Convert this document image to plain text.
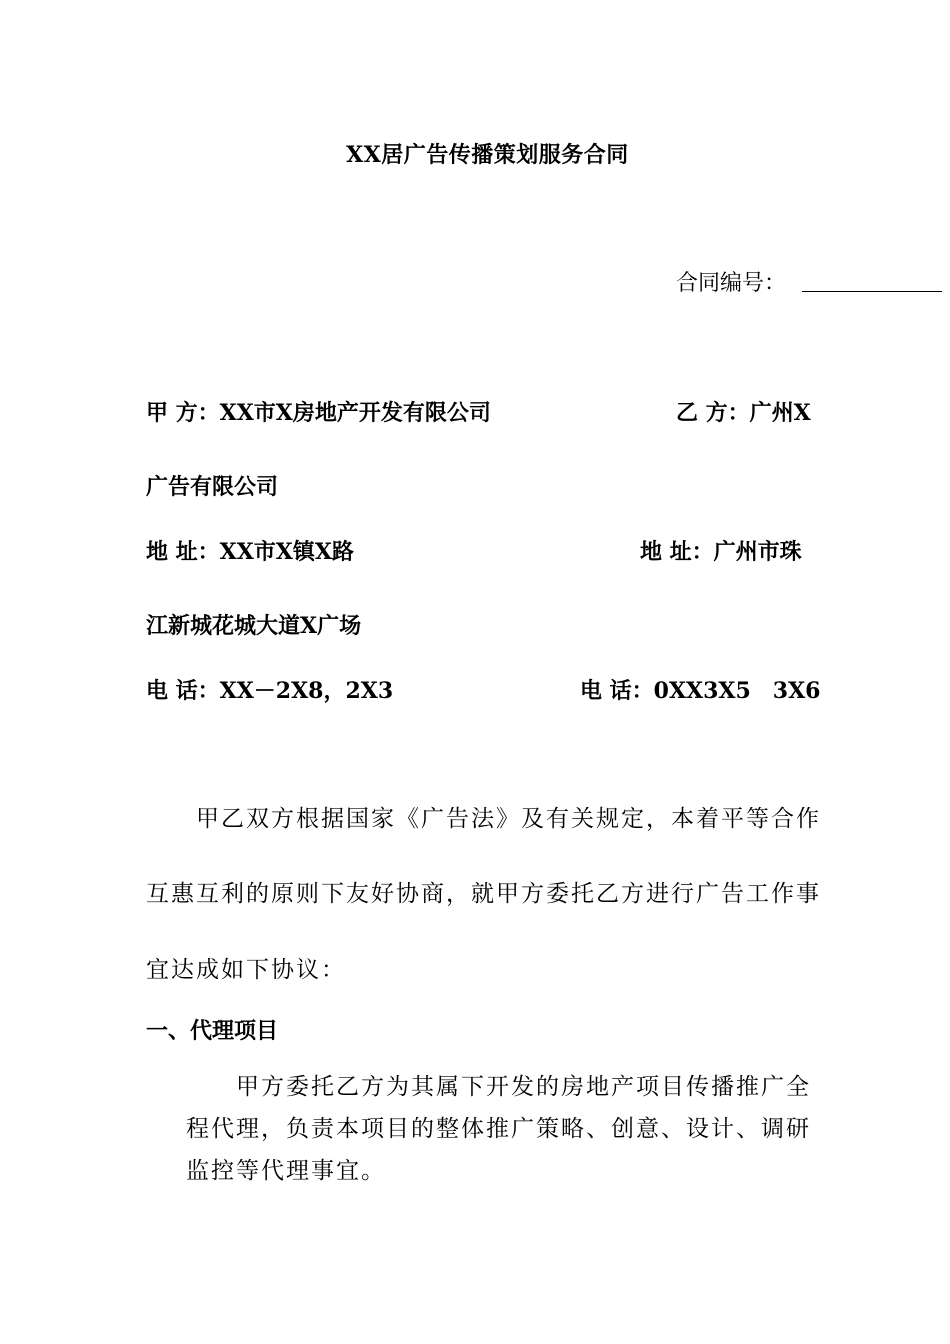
XX居广告传播策划服务合同
合同编号：
甲 方：XX市X房地产开发有限公司	乙 方：广州X
广告有限公司
地 址：XX市X镇X路	地 址：广州市珠
江新城花城大道X广场
电 话：XX－2X8，2X3	电 话：0XX3X5　3X6
甲乙双方根据国家《广告法》及有关规定，本着平等合作
互惠互利的原则下友好协商，就甲方委托乙方进行广告工作事
宜达成如下协议：
一、代理项目
甲方委托乙方为其属下开发的房地产项目传播推广全
程代理，负责本项目的整体推广策略、创意、设计、调研
监控等代理事宜。
